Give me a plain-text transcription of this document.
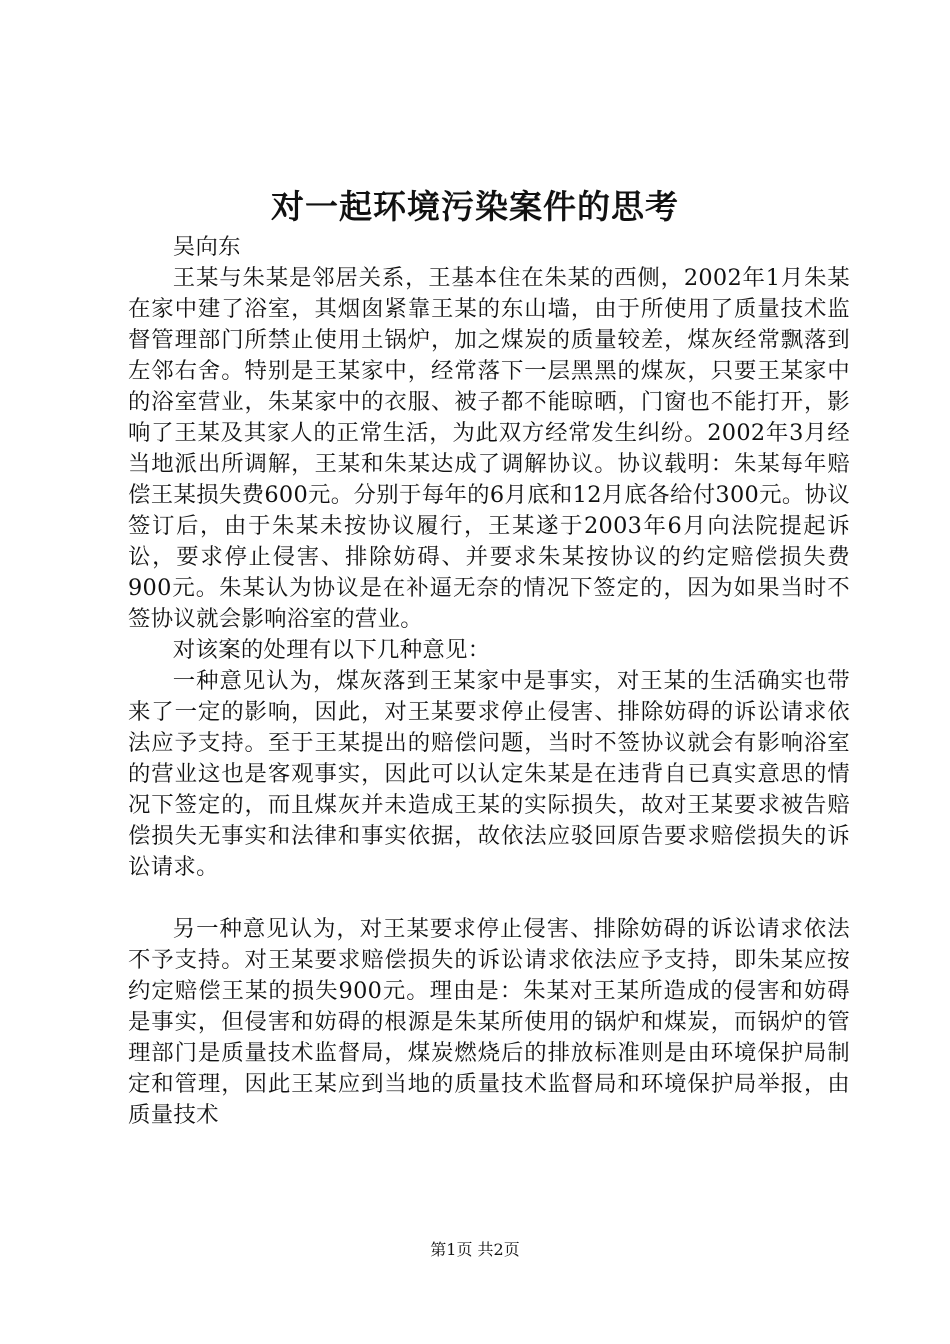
对一起环境污染案件的思考

吴向东

王某与朱某是邻居关系，王基本住在朱某的西侧，2002年1月朱某在家中建了浴室，其烟囱紧靠王某的东山墙，由于所使用了质量技术监督管理部门所禁止使用土锅炉，加之煤炭的质量较差，煤灰经常飘落到左邻右舍。特别是王某家中，经常落下一层黑黑的煤灰，只要王某家中的浴室营业，朱某家中的衣服、被子都不能晾晒，门窗也不能打开，影响了王某及其家人的正常生活，为此双方经常发生纠纷。2002年3月经当地派出所调解，王某和朱某达成了调解协议。协议载明：朱某每年赔偿王某损失费600元。分别于每年的6月底和12月底各给付300元。协议签订后，由于朱某未按协议履行，王某遂于2003年6月向法院提起诉讼，要求停止侵害、排除妨碍、并要求朱某按协议的约定赔偿损失费900元。朱某认为协议是在补逼无奈的情况下签定的，因为如果当时不签协议就会影响浴室的营业。

对该案的处理有以下几种意见：

一种意见认为，煤灰落到王某家中是事实，对王某的生活确实也带来了一定的影响，因此，对王某要求停止侵害、排除妨碍的诉讼请求依法应予支持。至于王某提出的赔偿问题，当时不签协议就会有影响浴室的营业这也是客观事实，因此可以认定朱某是在违背自已真实意思的情况下签定的，而且煤灰并未造成王某的实际损失，故对王某要求被告赔偿损失无事实和法律和事实依据，故依法应驳回原告要求赔偿损失的诉讼请求。

另一种意见认为，对王某要求停止侵害、排除妨碍的诉讼请求依法不予支持。对王某要求赔偿损失的诉讼请求依法应予支持，即朱某应按约定赔偿王某的损失900元。理由是：朱某对王某所造成的侵害和妨碍是事实，但侵害和妨碍的根源是朱某所使用的锅炉和煤炭，而锅炉的管理部门是质量技术监督局，煤炭燃烧后的排放标准则是由环境保护局制定和管理，因此王某应到当地的质量技术监督局和环境保护局举报，由质量技术

第1页 共2页
